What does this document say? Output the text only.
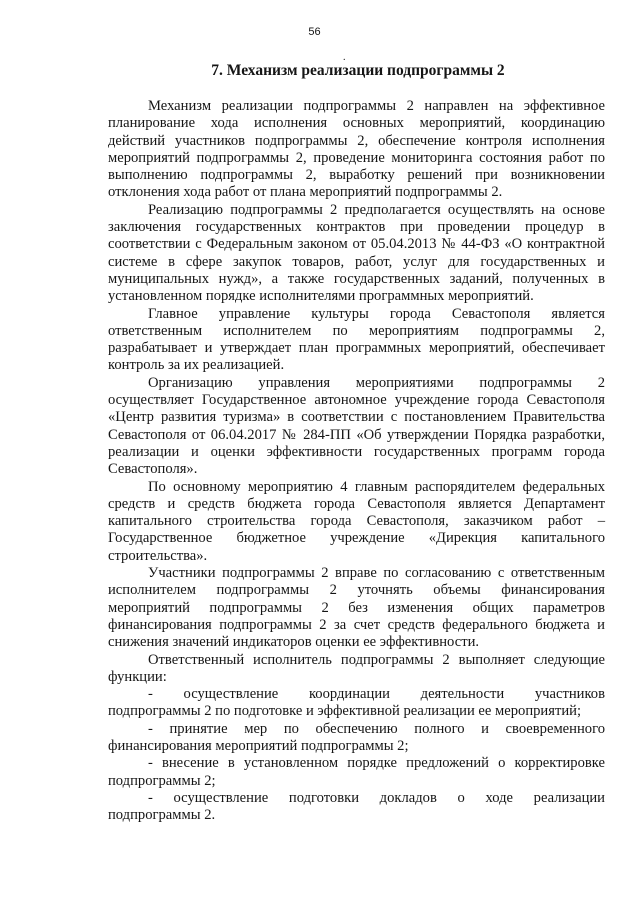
56
.
7. Механизм реализации подпрограммы 2

Механизм реализации подпрограммы 2 направлен на эффективное планирование хода исполнения основных мероприятий, координацию действий участников подпрограммы 2, обеспечение контроля исполнения мероприятий подпрограммы 2, проведение мониторинга состояния работ по выполнению подпрограммы 2, выработку решений при возникновении отклонения хода работ от плана мероприятий подпрограммы 2.

Реализацию подпрограммы 2 предполагается осуществлять на основе заключения государственных контрактов при проведении процедур в соответствии с Федеральным законом от 05.04.2013 № 44-ФЗ «О контрактной системе в сфере закупок товаров, работ, услуг для государственных и муниципальных нужд», а также государственных заданий, полученных в установленном порядке исполнителями программных мероприятий.

Главное управление культуры города Севастополя является ответственным исполнителем по мероприятиям подпрограммы 2, разрабатывает и утверждает план программных мероприятий, обеспечивает контроль за их реализацией.

Организацию управления мероприятиями подпрограммы 2 осуществляет Государственное автономное учреждение города Севастополя «Центр развития туризма» в соответствии с постановлением Правительства Севастополя от 06.04.2017 № 284-ПП «Об утверждении Порядка разработки, реализации и оценки эффективности государственных программ города Севастополя».

По основному мероприятию 4 главным распорядителем федеральных средств и средств бюджета города Севастополя является Департамент капитального строительства города Севастополя, заказчиком работ – Государственное бюджетное учреждение «Дирекция капитального строительства».

Участники подпрограммы 2 вправе по согласованию с ответственным исполнителем подпрограммы 2 уточнять объемы финансирования мероприятий подпрограммы 2 без изменения общих параметров финансирования подпрограммы 2 за счет средств федерального бюджета и снижения значений индикаторов оценки ее эффективности.

Ответственный исполнитель подпрограммы 2 выполняет следующие функции:

-      осуществление      координации      деятельности      участников подпрограммы 2 по подготовке и эффективной реализации ее мероприятий;

- принятие мер по обеспечению полного и своевременного финансирования мероприятий подпрограммы 2;

- внесение в установленном порядке предложений о корректировке подпрограммы 2;

-    осуществление    подготовки    докладов    о    ходе    реализации подпрограммы 2.
